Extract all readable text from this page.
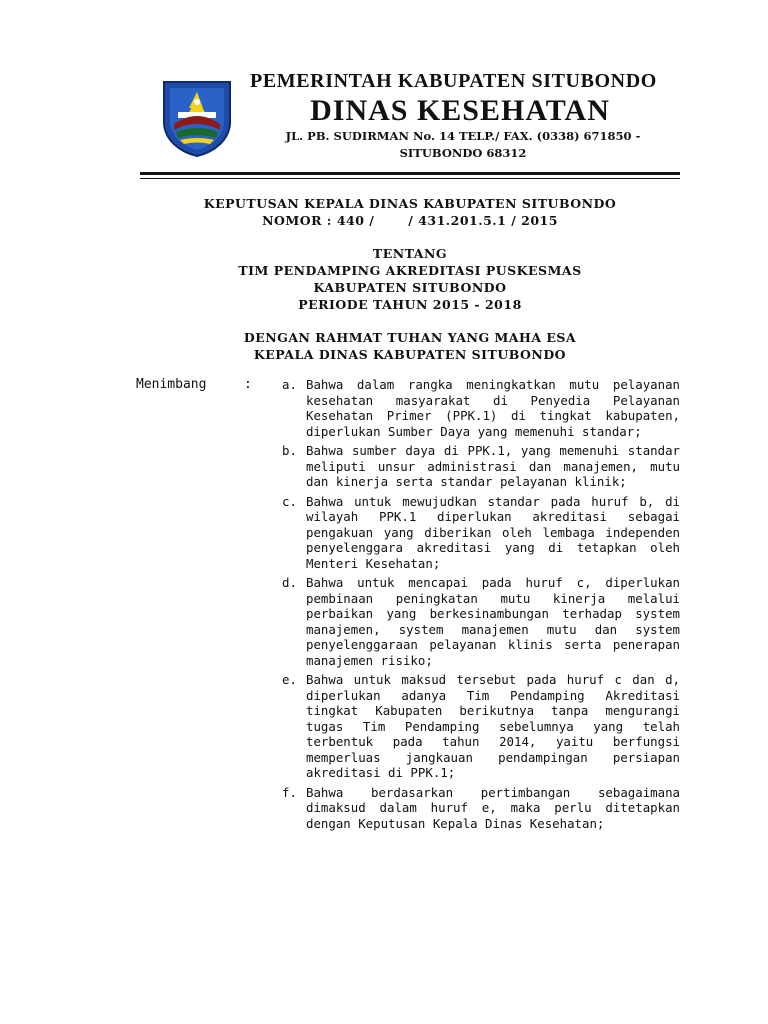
PEMERINTAH KABUPATEN SITUBONDO
DINAS KESEHATAN
JL. PB. SUDIRMAN No. 14 TELP./ FAX. (0338) 671850 -
SITUBONDO 68312
KEPUTUSAN KEPALA DINAS KABUPATEN SITUBONDO
NOMOR : 440 /       / 431.201.5.1 / 2015
TENTANG
TIM PENDAMPING AKREDITASI PUSKESMAS
KABUPATEN SITUBONDO
PERIODE TAHUN 2015 - 2018
DENGAN RAHMAT TUHAN YANG MAHA ESA
KEPALA DINAS KABUPATEN SITUBONDO
Menimbang	: a. Bahwa dalam rangka meningkatkan mutu pelayanan kesehatan masyarakat di Penyedia Pelayanan Kesehatan Primer (PPK.1) di tingkat kabupaten, diperlukan Sumber Daya yang memenuhi standar;
b. Bahwa sumber daya di PPK.1, yang memenuhi standar meliputi unsur administrasi dan manajemen, mutu dan kinerja serta standar pelayanan klinik;
c. Bahwa untuk mewujudkan standar pada huruf b, di wilayah PPK.1 diperlukan akreditasi sebagai pengakuan yang diberikan oleh lembaga independen penyelenggara akreditasi yang di tetapkan oleh Menteri Kesehatan;
d. Bahwa untuk mencapai pada huruf c, diperlukan pembinaan peningkatan mutu kinerja melalui perbaikan yang berkesinambungan terhadap system manajemen, system manajemen mutu dan system penyelenggaraan pelayanan klinis serta penerapan manajemen risiko;
e. Bahwa untuk maksud tersebut pada huruf c dan d, diperlukan adanya Tim Pendamping Akreditasi tingkat Kabupaten berikutnya tanpa mengurangi tugas Tim Pendamping sebelumnya yang telah terbentuk pada tahun 2014, yaitu berfungsi memperluas jangkauan pendampingan persiapan akreditasi di PPK.1;
f. Bahwa berdasarkan pertimbangan sebagaimana dimaksud dalam huruf e, maka perlu ditetapkan dengan Keputusan Kepala Dinas Kesehatan;
